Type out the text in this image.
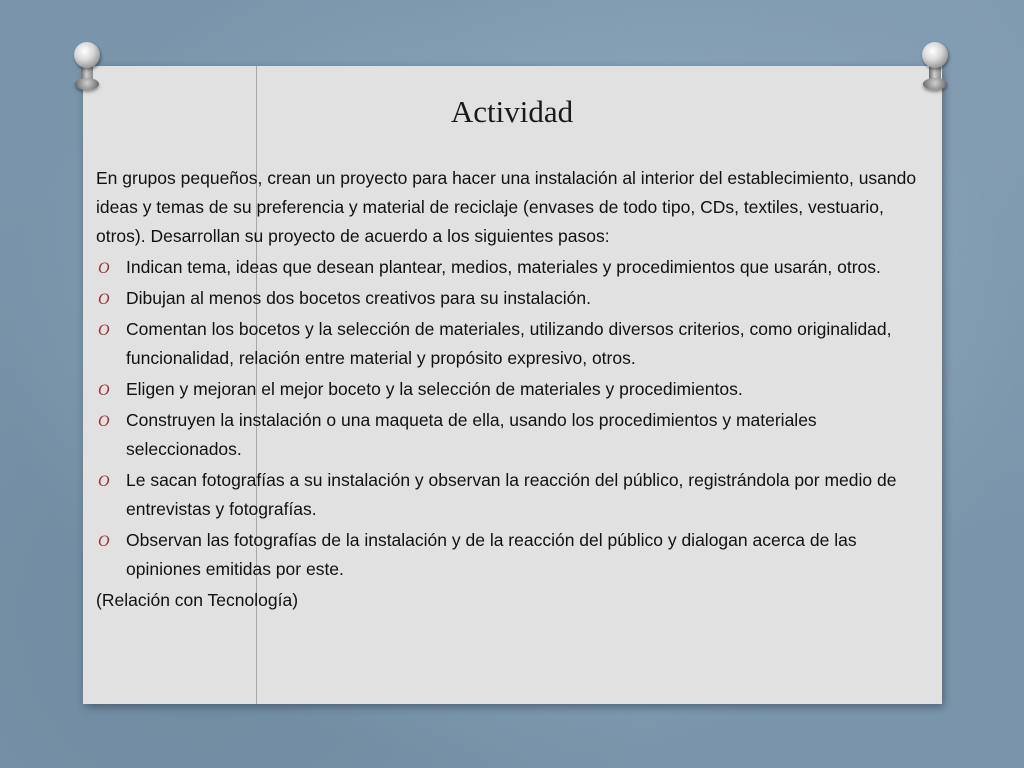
Actividad

En grupos pequeños, crean un proyecto para hacer una instalación al interior del establecimiento, usando ideas y temas de su preferencia y material de reciclaje (envases de todo tipo, CDs, textiles, vestuario, otros). Desarrollan su proyecto de acuerdo a los siguientes pasos:

O Indican tema, ideas que desean plantear, medios, materiales y procedimientos que usarán, otros.
O Dibujan al menos dos bocetos creativos para su instalación.
O Comentan los bocetos y la selección de materiales, utilizando diversos criterios, como originalidad, funcionalidad, relación entre material y propósito expresivo, otros.
O Eligen y mejoran el mejor boceto y la selección de materiales y procedimientos.
O Construyen la instalación o una maqueta de ella, usando los procedimientos y materiales seleccionados.
O Le sacan fotografías a su instalación y observan la reacción del público, registrándola por medio de entrevistas y fotografías.
O Observan las fotografías de la instalación y de la reacción del público y dialogan acerca de las opiniones emitidas por este.

(Relación con Tecnología)
